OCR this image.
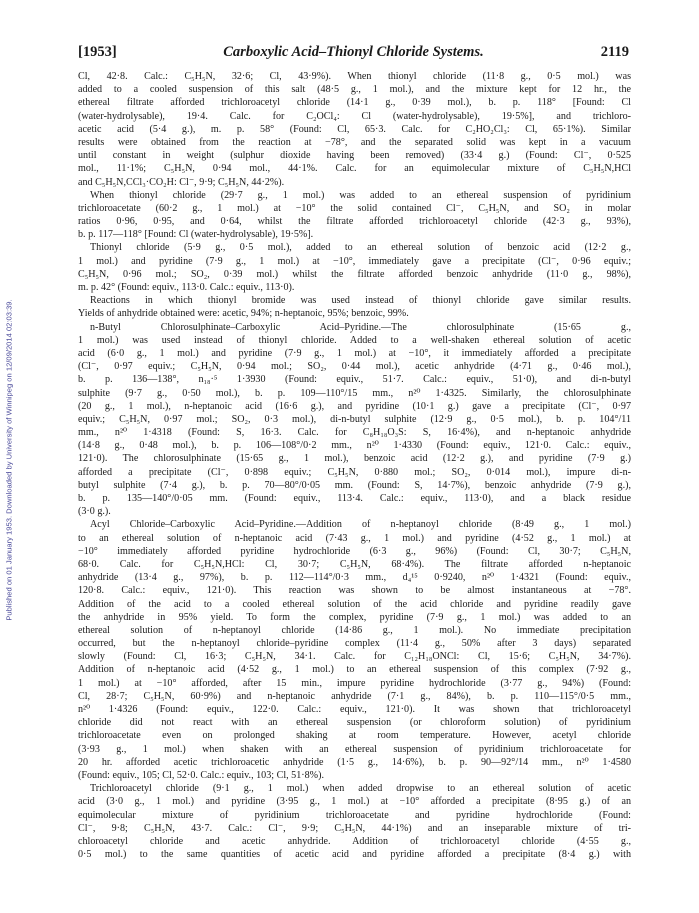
Published on 01 January 1953. Downloaded by University of Winnipeg on 12/09/2014 02:03:39.
[1953]	Carboxylic Acid–Thionyl Chloride Systems.	2119
Cl, 42·8. Calc.: C₅H₅N, 32·6; Cl, 43·9%). When thionyl chloride (11·8 g., 0·5 mol.) was
added to a cooled suspension of this salt (48·5 g., 1 mol.), and the mixture kept for 12 hr., the
ethereal filtrate afforded trichloroacetyl chloride (14·1 g., 0·39 mol.), b. p. 118° [Found: Cl
(water-hydrolysable), 19·4. Calc. for C₂OCl₄: Cl (water-hydrolysable), 19·5%], and trichloro-
acetic acid (5·4 g.), m. p. 58° (Found: Cl, 65·3. Calc. for C₂HO₂Cl₃: Cl, 65·1%). Similar
results were obtained from the reaction at −78°, and the separated solid was kept in a vacuum
until constant in weight (sulphur dioxide having been removed) (33·4 g.) (Found: Cl⁻, 0·525
mol., 11·1%; C₅H₅N, 0·94 mol., 44·1%. Calc. for an equimolecular mixture of C₅H₅N,HCl
and C₅H₅N,CCl₃·CO₂H: Cl⁻, 9·9; C₅H₅N, 44·2%).
When thionyl chloride (29·7 g., 1 mol.) was added to an ethereal suspension of pyridinium
trichloroacetate (60·2 g., 1 mol.) at −10° the solid contained Cl⁻, C₅H₅N, and SO₂ in molar
ratios 0·96, 0·95, and 0·64, whilst the filtrate afforded trichloroacetyl chloride (42·3 g., 93%),
b. p. 117—118° [Found: Cl (water-hydrolysable), 19·5%].
Thionyl chloride (5·9 g., 0·5 mol.), added to an ethereal solution of benzoic acid (12·2 g.,
1 mol.) and pyridine (7·9 g., 1 mol.) at −10°, immediately gave a precipitate (Cl⁻, 0·96 equiv.;
C₅H₅N, 0·96 mol.; SO₂, 0·39 mol.) whilst the filtrate afforded benzoic anhydride (11·0 g., 98%),
m. p. 42° (Found: equiv., 113·0. Calc.: equiv., 113·0).
Reactions in which thionyl bromide was used instead of thionyl chloride gave similar results.
Yields of anhydride obtained were: acetic, 94%; n-heptanoic, 95%; benzoic, 99%.
n-Butyl Chlorosulphinate–Carboxylic Acid–Pyridine.—The chlorosulphinate (15·65 g.,
1 mol.) was used instead of thionyl chloride. Added to a well-shaken ethereal solution of acetic
acid (6·0 g., 1 mol.) and pyridine (7·9 g., 1 mol.) at −10°, it immediately afforded a precipitate
(Cl⁻, 0·97 equiv.; C₅H₅N, 0·94 mol.; SO₂, 0·44 mol.), acetic anhydride (4·71 g., 0·46 mol.),
b. p. 136—138°, n₁₈·⁵ 1·3930 (Found: equiv., 51·7. Calc.: equiv., 51·0), and di-n-butyl
sulphite (9·7 g., 0·50 mol.), b. p. 109—110°/15 mm., n²⁰ 1·4325. Similarly, the chlorosulphinate
(20 g., 1 mol.), n-heptanoic acid (16·6 g.), and pyridine (10·1 g.) gave a precipitate (Cl⁻, 0·97
equiv.; C₅H₅N, 0·97 mol.; SO₂, 0·3 mol.), di-n-butyl sulphite (12·9 g., 0·5 mol.), b. p. 104°/11
mm., n²⁰ 1·4318 (Found: S, 16·3. Calc. for C₈H₁₈O₃S: S, 16·4%), and n-heptanoic anhydride
(14·8 g., 0·48 mol.), b. p. 106—108°/0·2 mm., n²⁰ 1·4330 (Found: equiv., 121·0. Calc.: equiv.,
121·0). The chlorosulphinate (15·65 g., 1 mol.), benzoic acid (12·2 g.), and pyridine (7·9 g.)
afforded a precipitate (Cl⁻, 0·898 equiv.; C₅H₅N, 0·880 mol.; SO₂, 0·014 mol.), impure di-n-
butyl sulphite (7·4 g.), b. p. 70—80°/0·05 mm. (Found: S, 14·7%), benzoic anhydride (7·9 g.),
b. p. 135—140°/0·05 mm. (Found: equiv., 113·4. Calc.: equiv., 113·0), and a black residue
(3·0 g.).
Acyl Chloride–Carboxylic Acid–Pyridine.—Addition of n-heptanoyl chloride (8·49 g., 1 mol.)
to an ethereal solution of n-heptanoic acid (7·43 g., 1 mol.) and pyridine (4·52 g., 1 mol.) at
−10° immediately afforded pyridine hydrochloride (6·3 g., 96%) (Found: Cl, 30·7; C₅H₅N,
68·0. Calc. for C₅H₅N,HCl: Cl, 30·7; C₅H₅N, 68·4%). The filtrate afforded n-heptanoic
anhydride (13·4 g., 97%), b. p. 112—114°/0·3 mm., d₄¹⁵ 0·9240, n²⁰ 1·4321 (Found: equiv.,
120·8. Calc.: equiv., 121·0). This reaction was shown to be almost instantaneous at −78°.
Addition of the acid to a cooled ethereal solution of the acid chloride and pyridine readily gave
the anhydride in 95% yield. To form the complex, pyridine (7·9 g., 1 mol.) was added to an
ethereal solution of n-heptanoyl chloride (14·86 g., 1 mol.). No immediate precipitation
occurred, but the n-heptanoyl chloride–pyridine complex (11·4 g., 50% after 3 days) separated
slowly (Found: Cl, 16·3; C₅H₅N, 34·1. Calc. for C₁₂H₁₈ONCl: Cl, 15·6; C₅H₅N, 34·7%).
Addition of n-heptanoic acid (4·52 g., 1 mol.) to an ethereal suspension of this complex (7·92 g.,
1 mol.) at −10° afforded, after 15 min., impure pyridine hydrochloride (3·77 g., 94%) (Found:
Cl, 28·7; C₅H₅N, 60·9%) and n-heptanoic anhydride (7·1 g., 84%), b. p. 110—115°/0·5 mm.,
n²⁰ 1·4326 (Found: equiv., 122·0. Calc.: equiv., 121·0). It was shown that trichloroacetyl
chloride did not react with an ethereal suspension (or chloroform solution) of pyridinium
trichloroacetate even on prolonged shaking at room temperature. However, acetyl chloride
(3·93 g., 1 mol.) when shaken with an ethereal suspension of pyridinium trichloroacetate for
20 hr. afforded acetic trichloroacetic anhydride (1·5 g., 14·6%), b. p. 90—92°/14 mm., n²⁰ 1·4580
(Found: equiv., 105; Cl, 52·0. Calc.: equiv., 103; Cl, 51·8%).
Trichloroacetyl chloride (9·1 g., 1 mol.) when added dropwise to an ethereal solution of acetic
acid (3·0 g., 1 mol.) and pyridine (3·95 g., 1 mol.) at −10° afforded a precipitate (8·95 g.) of an
equimolecular mixture of pyridinium trichloroacetate and pyridine hydrochloride (Found:
Cl⁻, 9·8; C₅H₅N, 43·7. Calc.: Cl⁻, 9·9; C₅H₅N, 44·1%) and an inseparable mixture of tri-
chloroacetyl chloride and acetic anhydride. Addition of trichloroacetyl chloride (4·55 g.,
0·5 mol.) to the same quantities of acetic acid and pyridine afforded a precipitate (8·4 g.) with
